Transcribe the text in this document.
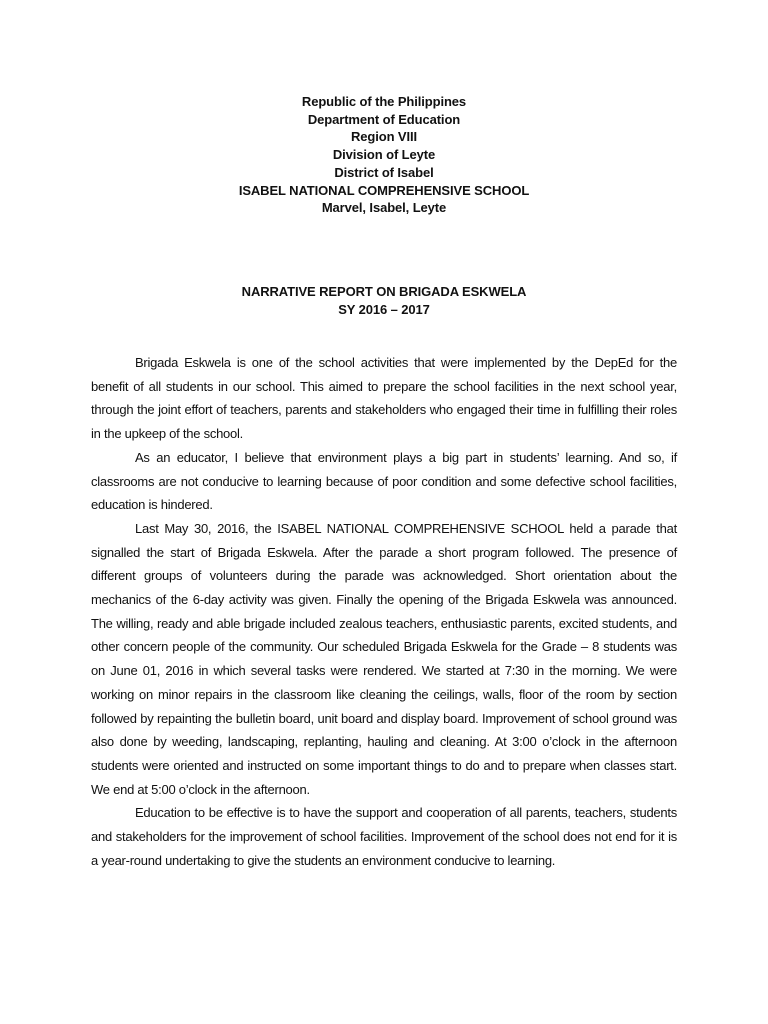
Republic of the Philippines
Department of Education
Region VIII
Division of Leyte
District of Isabel
ISABEL NATIONAL COMPREHENSIVE SCHOOL
Marvel, Isabel, Leyte
NARRATIVE REPORT ON BRIGADA ESKWELA
SY 2016 – 2017

Brigada Eskwela is one of the school activities that were implemented by the DepEd for the benefit of all students in our school. This aimed to prepare the school facilities in the next school year, through the joint effort of teachers, parents and stakeholders who engaged their time in fulfilling their roles in the upkeep of the school.

As an educator, I believe that environment plays a big part in students’ learning. And so, if classrooms are not conducive to learning because of poor condition and some defective school facilities, education is hindered.

Last May 30, 2016, the ISABEL NATIONAL COMPREHENSIVE SCHOOL held a parade that signalled the start of Brigada Eskwela. After the parade a short program followed. The presence of different groups of volunteers during the parade was acknowledged. Short orientation about the mechanics of the 6-day activity was given. Finally the opening of the Brigada Eskwela was announced. The willing, ready and able brigade included zealous teachers, enthusiastic parents, excited students, and other concern people of the community. Our scheduled Brigada Eskwela for the Grade – 8 students was on June 01, 2016 in which several tasks were rendered. We started at 7:30 in the morning. We were working on minor repairs in the classroom like cleaning the ceilings, walls, floor of the room by section followed by repainting the bulletin board, unit board and display board. Improvement of school ground was also done by weeding, landscaping, replanting, hauling and cleaning. At 3:00 o’clock in the afternoon students were oriented and instructed on some important things to do and to prepare when classes start. We end at 5:00 o’clock in the afternoon.

Education to be effective is to have the support and cooperation of all parents, teachers, students and stakeholders for the improvement of school facilities. Improvement of the school does not end for it is a year-round undertaking to give the students an environment conducive to learning.
